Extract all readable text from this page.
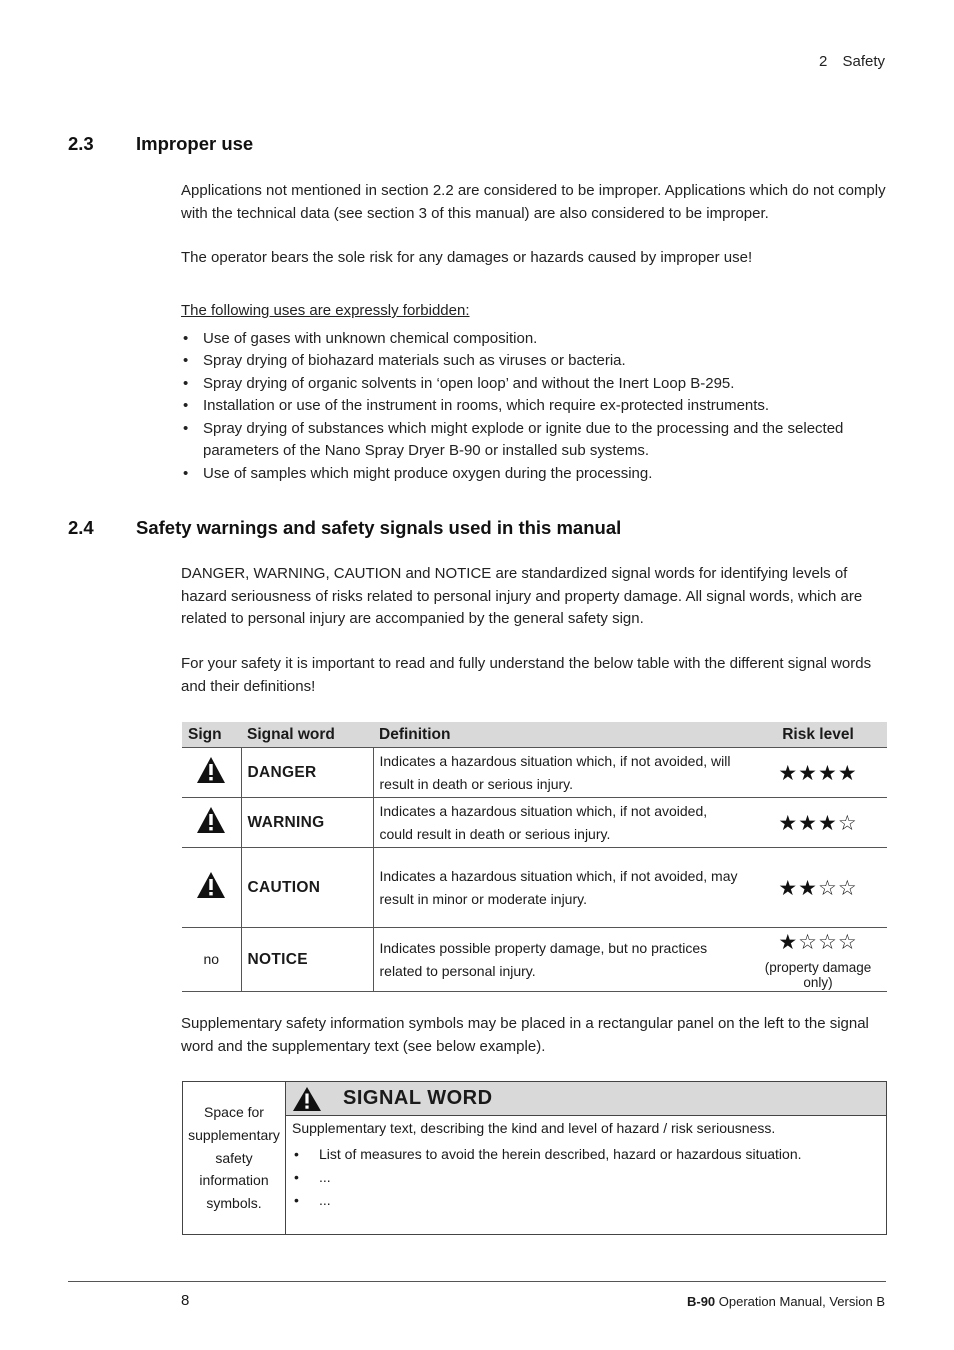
2 Safety
2.3 Improper use

Applications not mentioned in section 2.2 are considered to be improper. Applications which do not comply with the technical data (see section 3 of this manual) are also considered to be improper.

The operator bears the sole risk for any damages or hazards caused by improper use!

The following uses are expressly forbidden:

• Use of gases with unknown chemical composition.
• Spray drying of biohazard materials such as viruses or bacteria.
• Spray drying of organic solvents in ‘open loop’ and without the Inert Loop B-295.
• Installation or use of the instrument in rooms, which require ex-protected instruments.
• Spray drying of substances which might explode or ignite due to the processing and the selected parameters of the Nano Spray Dryer B-90 or installed sub systems.
• Use of samples which might produce oxygen during the processing.
2.4 Safety warnings and safety signals used in this manual

DANGER, WARNING, CAUTION and NOTICE are standardized signal words for identifying levels of hazard seriousness of risks related to personal injury and property damage. All signal words, which are related to personal injury are accompanied by the general safety sign.

For your safety it is important to read and fully understand the below table with the different signal words and their definitions!

Sign	Signal word	Definition	Risk level
	DANGER	Indicates a hazardous situation which, if not avoided, will result in death or serious injury.	★★★★

	WARNING	Indicates a hazardous situation which, if not avoided, could result in death or serious injury.	★★★☆

	CAUTION	Indicates a hazardous situation which, if not avoided, may result in minor or moderate injury.	★★☆☆

no	NOTICE	Indicates possible property damage, but no practices related to personal injury.	★☆☆☆
(property damage only)

Supplementary safety information symbols may be placed in a rectangular panel on the left to the signal word and the supplementary text (see below example).

Space for supplementary safety information symbols.
SIGNAL WORD
Supplementary text, describing the kind and level of hazard / risk seriousness.
• List of measures to avoid the herein described, hazard or hazardous situation.
• ...
• ...
8	B-90 Operation Manual, Version B
